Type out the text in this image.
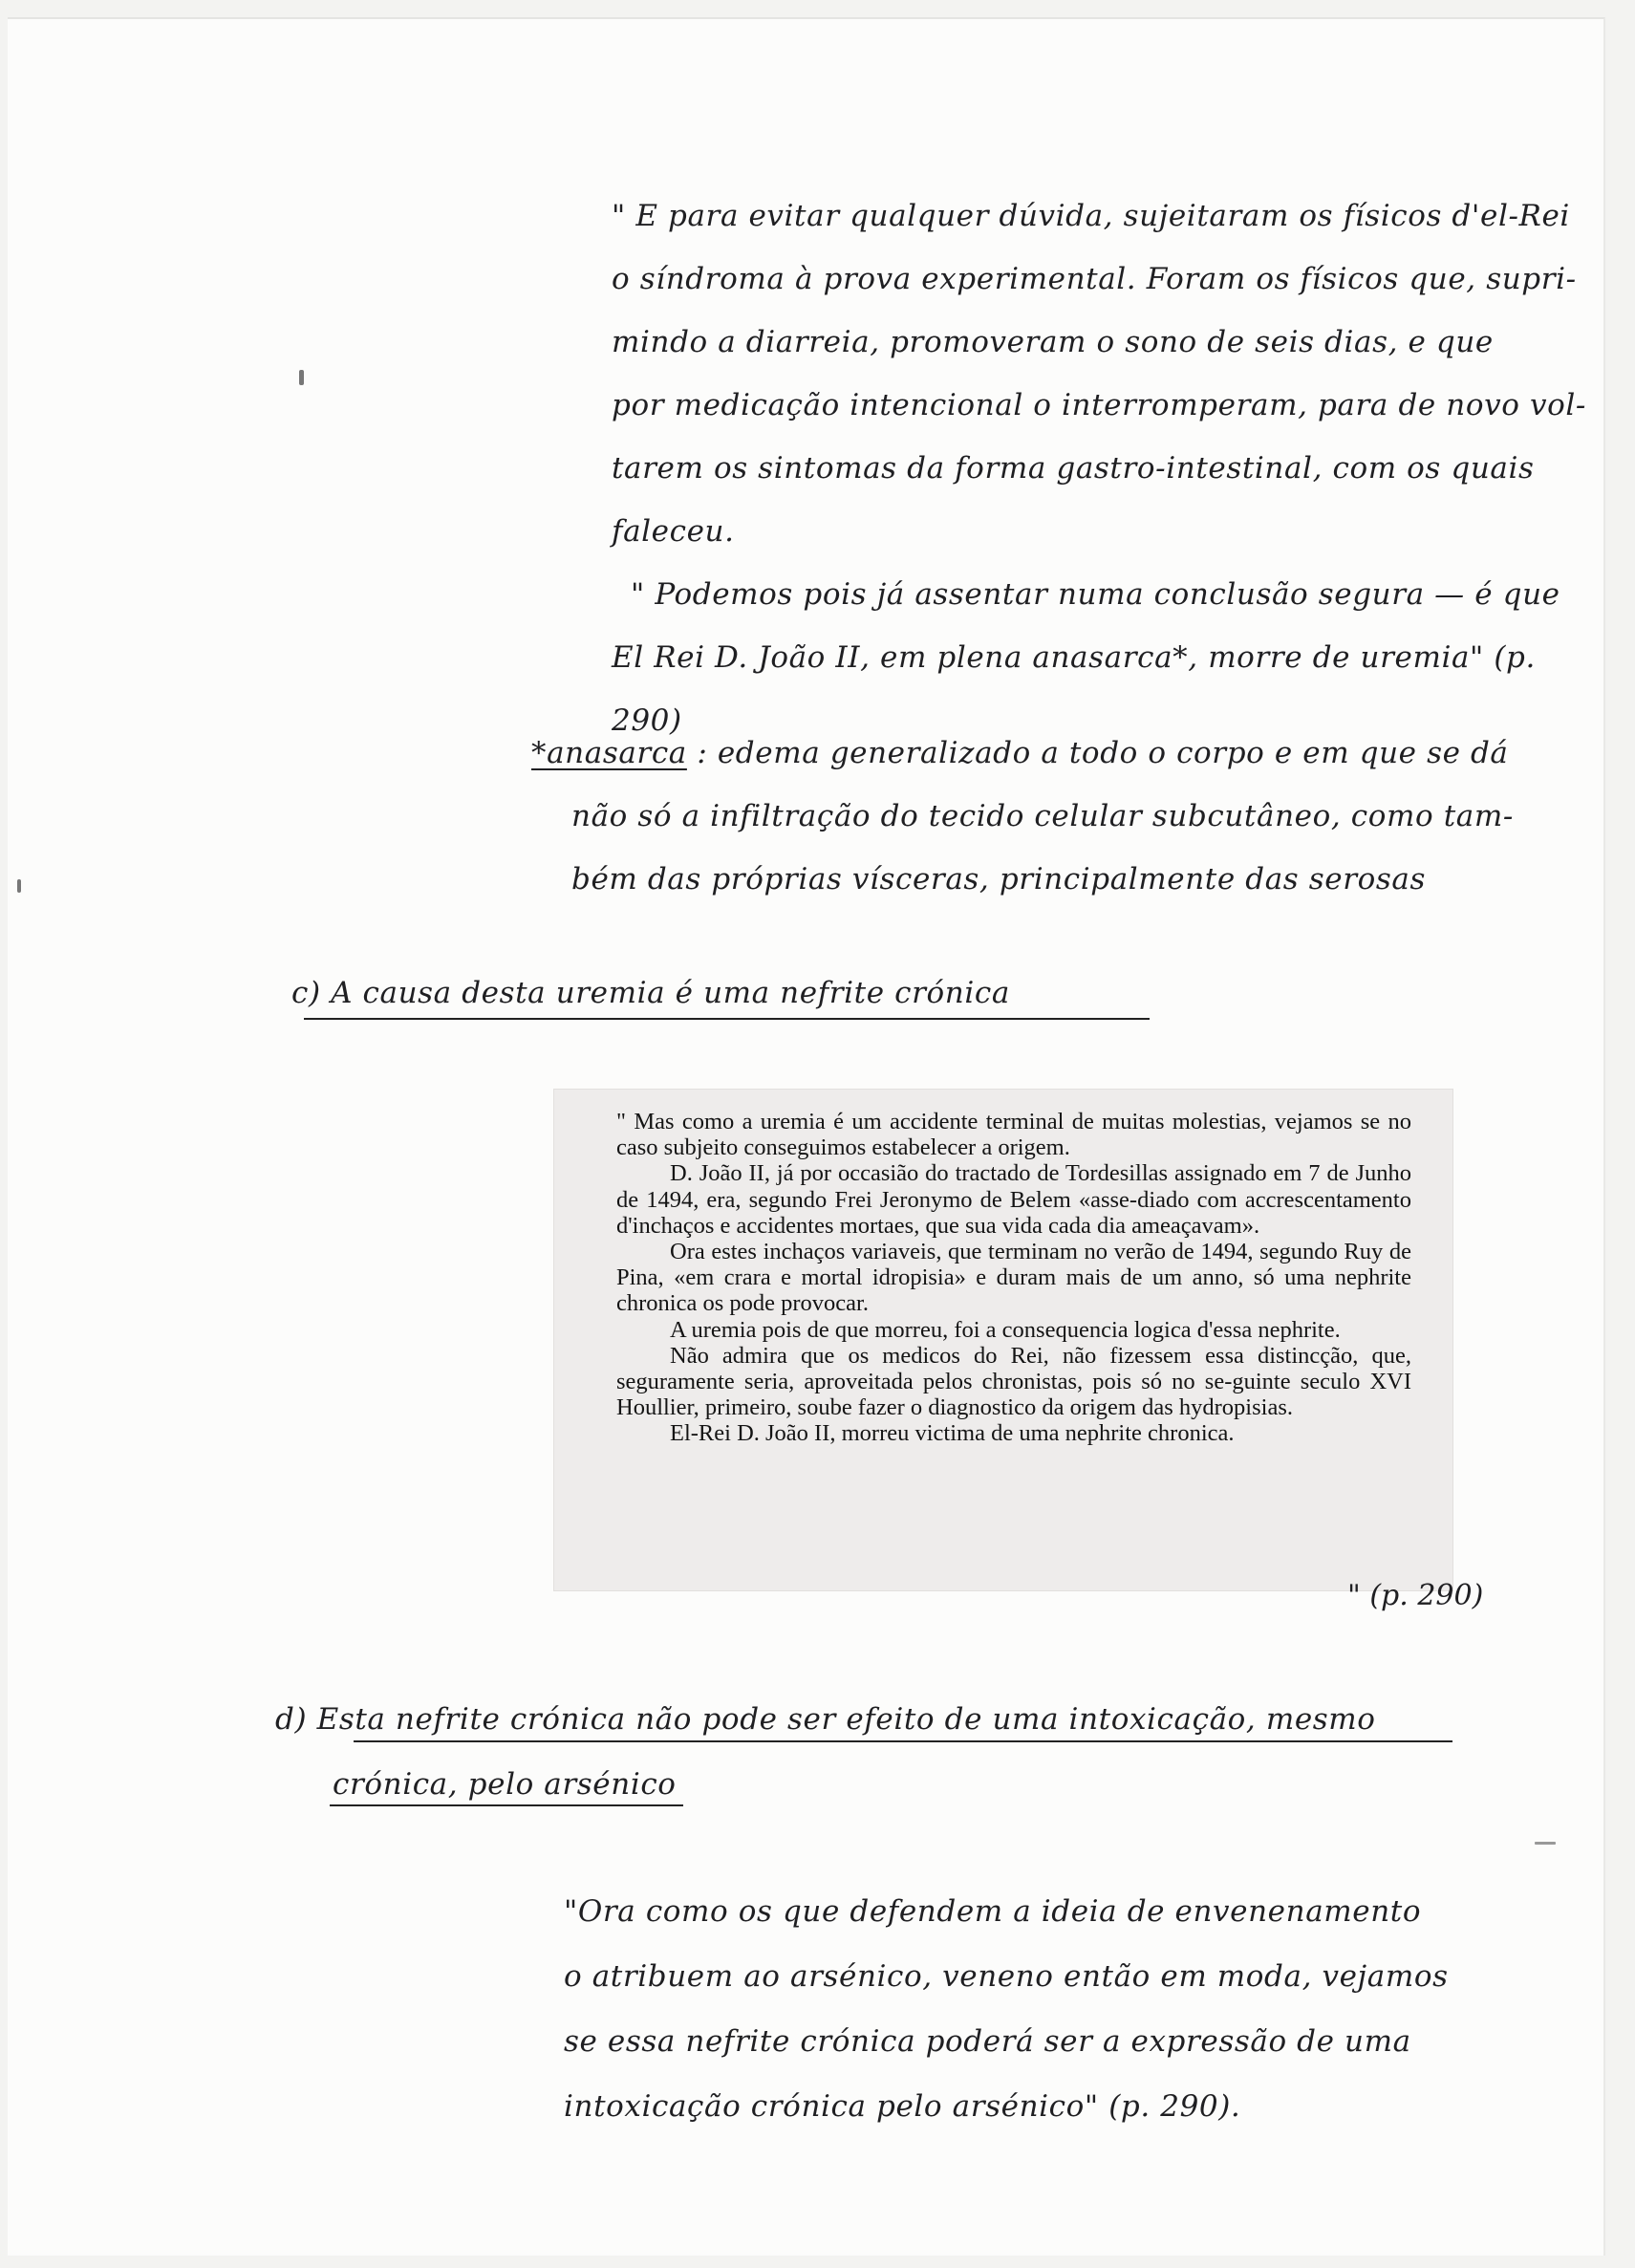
" E para evitar qualquer dúvida, sujeitaram os físicos d'el-Rei
o síndroma à prova experimental. Foram os físicos que, supri-
mindo a diarreia, promoveram o sono de seis dias, e que
por medicação intencional o interromperam, para de novo vol-
tarem os sintomas da forma gastro-intestinal, com os quais
faleceu.
" Podemos pois já assentar numa conclusão segura — é que
El Rei D. João II, em plena anasarca*, morre de uremia" (p.
290)
*anasarca : edema generalizado a todo o corpo e em que se dá
não só a infiltração do tecido celular subcutâneo, como tam-
bém das próprias vísceras, principalmente das serosas
c) A causa desta uremia é uma nefrite crónica

" Mas como a uremia é um accidente terminal de muitas molestias, vejamos se no caso subjeito conseguimos estabelecer a origem.

D. João II, já por occasião do tractado de Tordesillas assignado em 7 de Junho de 1494, era, segundo Frei Jeronymo de Belem «asse-diado com accrescentamento d'inchaços e accidentes mortaes, que sua vida cada dia ameaçavam».

Ora estes inchaços variaveis, que terminam no verão de 1494, segundo Ruy de Pina, «em crara e mortal idropisia» e duram mais de um anno, só uma nephrite chronica os pode provocar.

A uremia pois de que morreu, foi a consequencia logica d'essa nephrite.

Não admira que os medicos do Rei, não fizessem essa distincção, que, seguramente seria, aproveitada pelos chronistas, pois só no se-guinte seculo XVI Houllier, primeiro, soube fazer o diagnostico da origem das hydropisias.

El-Rei D. João II, morreu victima de uma nephrite chronica.

" (p. 290)
d) Esta nefrite crónica não pode ser efeito de uma intoxicação, mesmo
crónica, pelo arsénico
"Ora como os que defendem a ideia de envenenamento
o atribuem ao arsénico, veneno então em moda, vejamos
se essa nefrite crónica poderá ser a expressão de uma
intoxicação crónica pelo arsénico" (p. 290).
